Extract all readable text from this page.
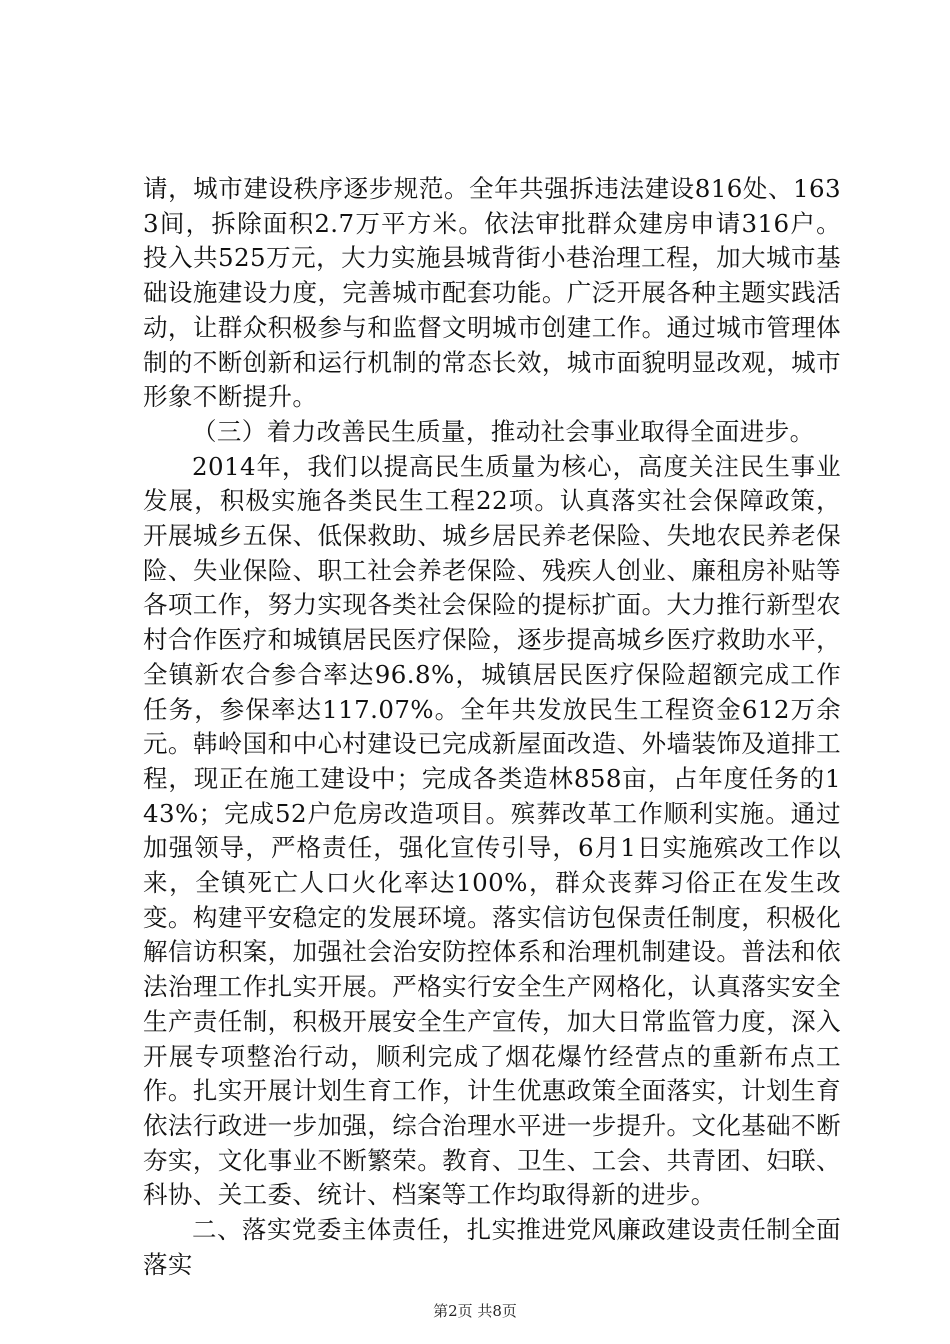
请，城市建设秩序逐步规范。全年共强拆违法建设816处、1633间，拆除面积2.7万平方米。依法审批群众建房申请316户。投入共525万元，大力实施县城背街小巷治理工程，加大城市基础设施建设力度，完善城市配套功能。广泛开展各种主题实践活动，让群众积极参与和监督文明城市创建工作。通过城市管理体制的不断创新和运行机制的常态长效，城市面貌明显改观，城市形象不断提升。

（三）着力改善民生质量，推动社会事业取得全面进步。

2014年，我们以提高民生质量为核心，高度关注民生事业发展，积极实施各类民生工程22项。认真落实社会保障政策，开展城乡五保、低保救助、城乡居民养老保险、失地农民养老保险、失业保险、职工社会养老保险、残疾人创业、廉租房补贴等各项工作，努力实现各类社会保险的提标扩面。大力推行新型农村合作医疗和城镇居民医疗保险，逐步提高城乡医疗救助水平，全镇新农合参合率达96.8%，城镇居民医疗保险超额完成工作任务，参保率达117.07%。全年共发放民生工程资金612万余元。韩岭国和中心村建设已完成新屋面改造、外墙装饰及道排工程，现正在施工建设中；完成各类造林858亩，占年度任务的143%；完成52户危房改造项目。殡葬改革工作顺利实施。通过加强领导，严格责任，强化宣传引导，6月1日实施殡改工作以来，全镇死亡人口火化率达100%，群众丧葬习俗正在发生改变。构建平安稳定的发展环境。落实信访包保责任制度，积极化解信访积案，加强社会治安防控体系和治理机制建设。普法和依法治理工作扎实开展。严格实行安全生产网格化，认真落实安全生产责任制，积极开展安全生产宣传，加大日常监管力度，深入开展专项整治行动，顺利完成了烟花爆竹经营点的重新布点工作。扎实开展计划生育工作，计生优惠政策全面落实，计划生育依法行政进一步加强，综合治理水平进一步提升。文化基础不断夯实，文化事业不断繁荣。教育、卫生、工会、共青团、妇联、科协、关工委、统计、档案等工作均取得新的进步。

二、落实党委主体责任，扎实推进党风廉政建设责任制全面落实

第2页 共8页
